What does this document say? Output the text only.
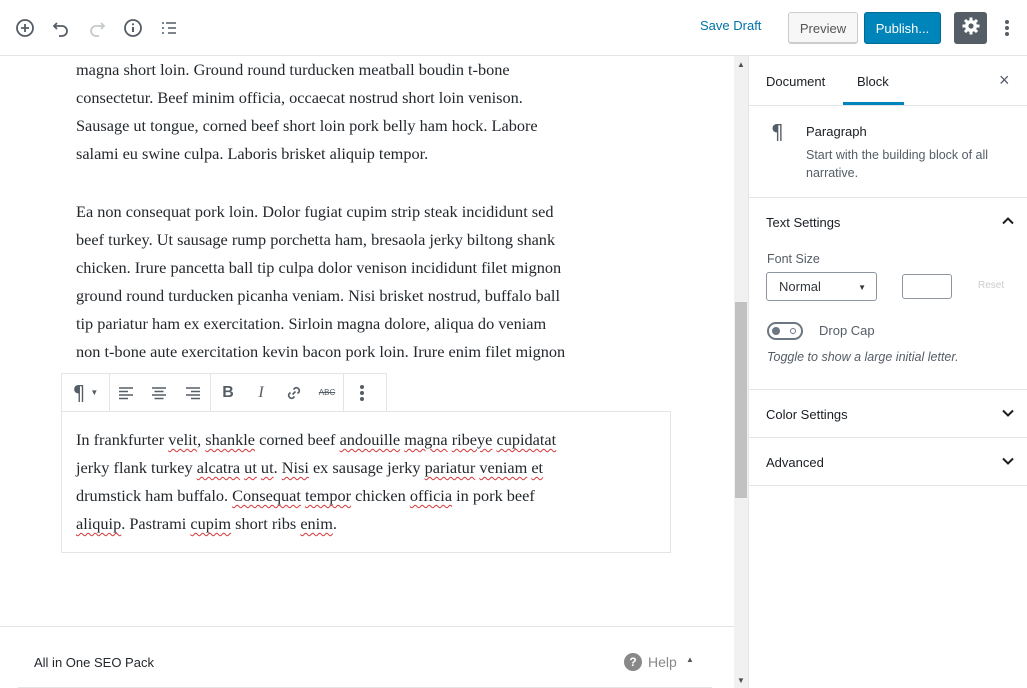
Save Draft	Preview	Publish...
magna short loin. Ground round turducken meatball boudin t-bone
consectetur. Beef minim officia, occaecat nostrud short loin venison.
Sausage ut tongue, corned beef short loin pork belly ham hock. Labore
salami eu swine culpa. Laboris brisket aliquip tempor.
Ea non consequat pork loin. Dolor fugiat cupim strip steak incididunt sed
beef turkey. Ut sausage rump porchetta ham, bresaola jerky biltong shank
chicken. Irure pancetta ball tip culpa dolor venison incididunt filet mignon
ground round turducken picanha veniam. Nisi brisket nostrud, buffalo ball
tip pariatur ham ex exercitation. Sirloin magna dolore, aliqua do veniam
non t-bone aute exercitation kevin bacon pork loin. Irure enim filet mignon
In frankfurter velit, shankle corned beef andouille magna ribeye cupidatat
jerky flank turkey alcatra ut ut. Nisi ex sausage jerky pariatur veniam et
drumstick ham buffalo. Consequat tempor chicken officia in pork beef
aliquip. Pastrami cupim short ribs enim.
¶ ▼	B I	ABC
All in One SEO Pack	? Help ▲
▲
▼
Document Block	×
¶ Paragraph
Start with the building block of all narrative.
Text Settings
Font Size
Normal	▼	Reset
Drop Cap
Toggle to show a large initial letter.
Color Settings
Advanced
